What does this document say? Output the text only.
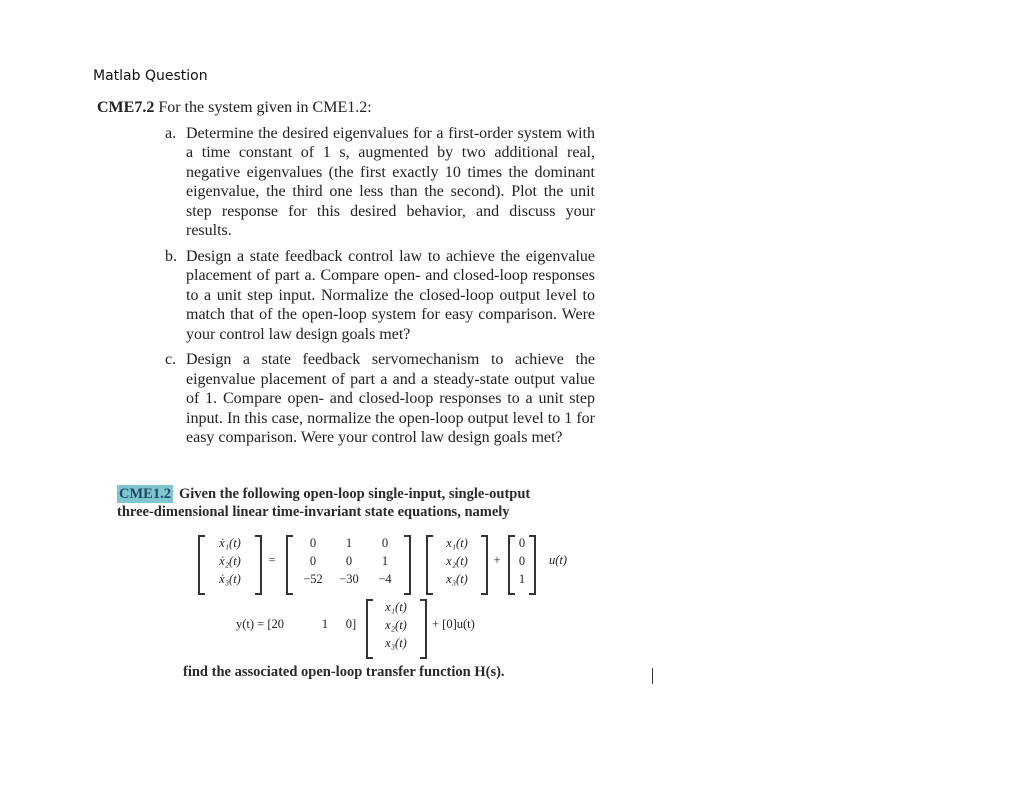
Matlab Question
CME7.2 For the system given in CME1.2:
a. Determine the desired eigenvalues for a first-order system with a time constant of 1 s, augmented by two additional real, negative eigenvalues (the first exactly 10 times the dominant eigenvalue, the third one less than the second). Plot the unit step response for this desired behavior, and discuss your results.
b. Design a state feedback control law to achieve the eigenvalue placement of part a. Compare open- and closed-loop responses to a unit step input. Normalize the closed-loop output level to match that of the open-loop system for easy comparison. Were your control law design goals met?
c. Design a state feedback servomechanism to achieve the eigenvalue placement of part a and a steady-state output value of 1. Compare open- and closed-loop responses to a unit step input. In this case, normalize the open-loop output level to 1 for easy comparison. Were your control law design goals met?
CME1.2 Given the following open-loop single-input, single-output
three-dimensional linear time-invariant state equations, namely
ẋ₁(t)
ẋ₂(t)
ẋ₃(t)
=
0	1	0
0	0	1
−52	−30	−4
x₁(t)
x₂(t)
x₃(t)
+
0
0
1
u(t)
y(t) = [20	1	0]
x₁(t)
x₂(t)
x₃(t)
+ [0]u(t)
find the associated open-loop transfer function H(s).
